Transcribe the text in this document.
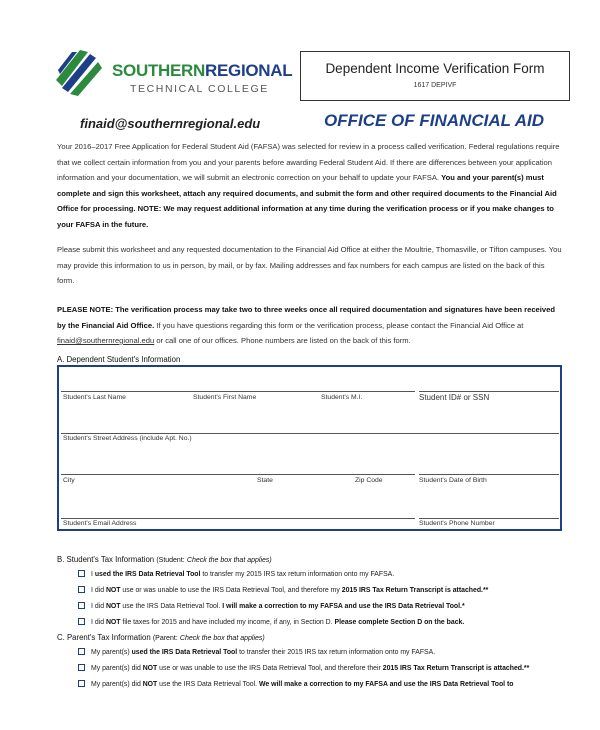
SOUTHERNREGIONAL
TECHNICAL COLLEGE
Dependent Income Verification Form
1617 DEPIVF
finaid@southernregional.edu	OFFICE OF FINANCIAL AID
Your 2016–2017 Free Application for Federal Student Aid (FAFSA) was selected for review in a process called verification. Federal regulations require that we collect certain information from you and your parents before awarding Federal Student Aid. If there are differences between your application information and your documentation, we will submit an electronic correction on your behalf to update your FAFSA. You and your parent(s) must complete and sign this worksheet, attach any required documents, and submit the form and other required documents to the Financial Aid Office for processing. NOTE: We may request additional information at any time during the verification process or if you make changes to your FAFSA in the future.
Please submit this worksheet and any requested documentation to the Financial Aid Office at either the Moultrie, Thomasville, or Tifton campuses. You may provide this information to us in person, by mail, or by fax. Mailing addresses and fax numbers for each campus are listed on the back of this form.
PLEASE NOTE: The verification process may take two to three weeks once all required documentation and signatures have been received by the Financial Aid Office. If you have questions regarding this form or the verification process, please contact the Financial Aid Office at finaid@southernregional.edu or call one of our offices. Phone numbers are listed on the back of this form.
A. Dependent Student's Information
Student's Last Name	Student's First Name	Student's M.I.	Student ID# or SSN
Student's Street Address (include Apt. No.)
City	State	Zip Code	Student's Date of Birth
Student's Email Address	Student's Phone Number
B. Student's Tax Information (Student: Check the box that applies)
I used the IRS Data Retrieval Tool to transfer my 2015 IRS tax return information onto my FAFSA.
I did NOT use or was unable to use the IRS Data Retrieval Tool, and therefore my 2015 IRS Tax Return Transcript is attached.**
I did NOT use the IRS Data Retrieval Tool. I will make a correction to my FAFSA and use the IRS Data Retrieval Tool.*
I did NOT file taxes for 2015 and have included my income, if any, in Section D. Please complete Section D on the back.
C. Parent's Tax Information (Parent: Check the box that applies)
My parent(s) used the IRS Data Retrieval Tool to transfer their 2015 IRS tax return information onto my FAFSA.
My parent(s) did NOT use or was unable to use the IRS Data Retrieval Tool, and therefore their 2015 IRS Tax Return Transcript is attached.**
My parent(s) did NOT use the IRS Data Retrieval Tool. We will make a correction to my FAFSA and use the IRS Data Retrieval Tool to
